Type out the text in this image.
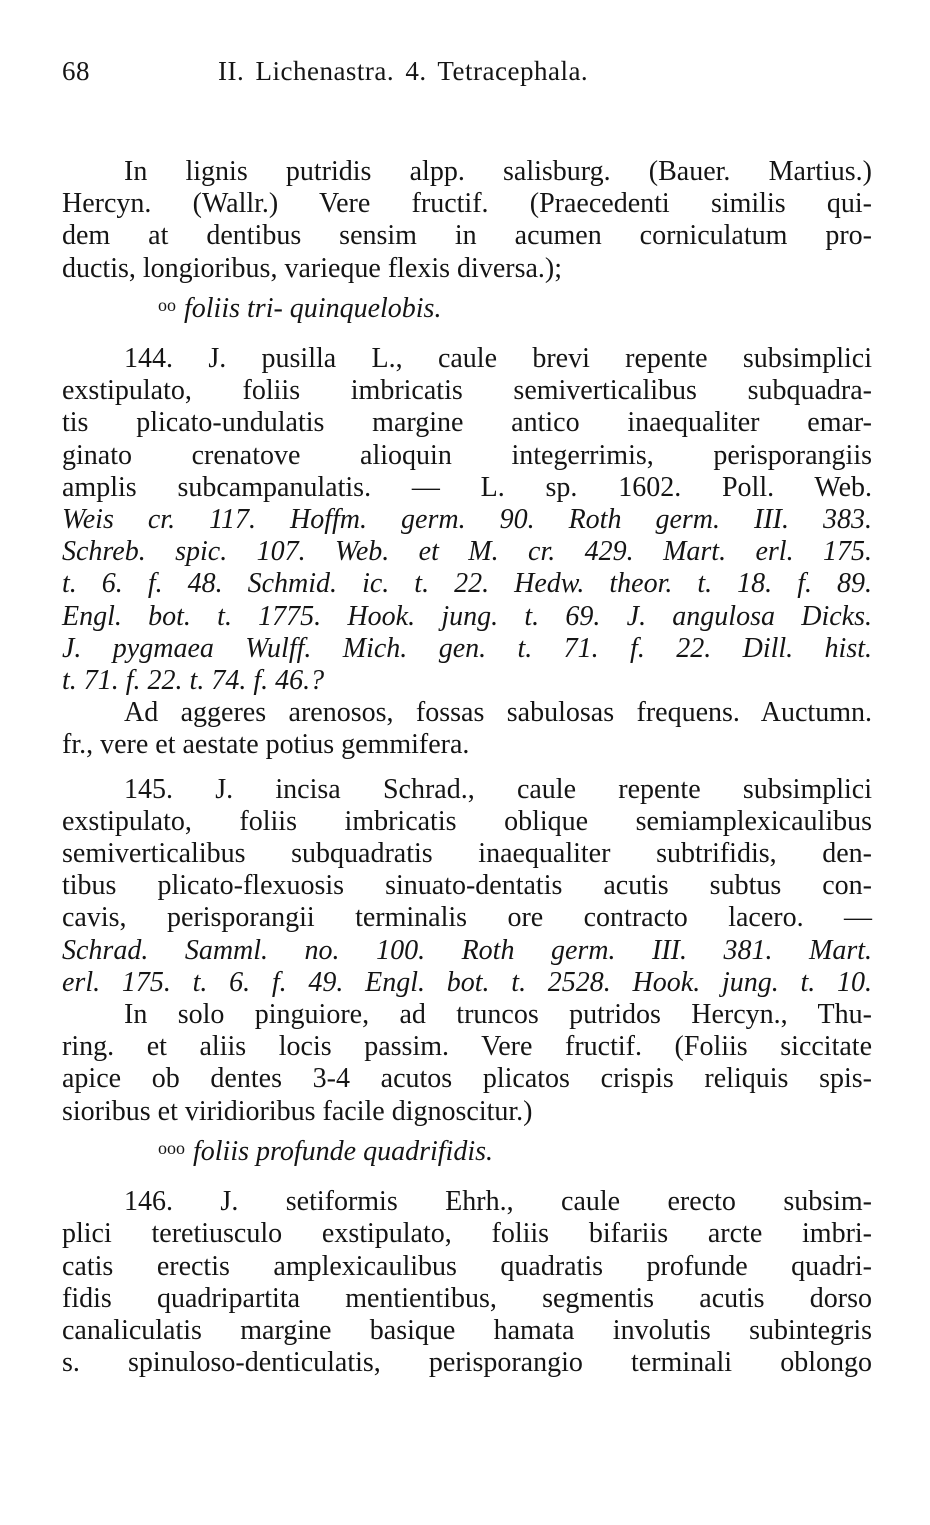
68	II. Lichenastra. 4. Tetracephala.

In lignis putridis alpp. salisburg. (Bauer. Martius.)
Hercyn. (Wallr.) Vere fructif. (Praecedenti similis qui-
dem at dentibus sensim in acumen corniculatum pro-
ductis, longioribus, varieque flexis diversa.);

$^{oo}$ foliis tri- quinquelobis.

144. J. pusilla L., caule brevi repente subsimplici
exstipulato, foliis imbricatis semiverticalibus subquadra-
tis plicato-undulatis margine antico inaequaliter emar-
ginato crenatove alioquin integerrimis, perisporangiis
amplis subcampanulatis. — L. sp. 1602. Poll. Web.
Weis cr. 117. Hoffm. germ. 90. Roth germ. III. 383.
Schreb. spic. 107. Web. et M. cr. 429. Mart. erl. 175.
t. 6. f. 48. Schmid. ic. t. 22. Hedw. theor. t. 18. f. 89.
Engl. bot. t. 1775. Hook. jung. t. 69. J. angulosa Dicks.
J. pygmaea Wulff. Mich. gen. t. 71. f. 22. Dill. hist.
t. 71. f. 22. t. 74. f. 46.?

Ad aggeres arenosos, fossas sabulosas frequens. Auctumn.
fr., vere et aestate potius gemmifera.

145. J. incisa Schrad., caule repente subsimplici
exstipulato, foliis imbricatis oblique semiamplexicaulibus
semiverticalibus subquadratis inaequaliter subtrifidis, den-
tibus plicato-flexuosis sinuato-dentatis acutis subtus con-
cavis, perisporangii terminalis ore contracto lacero. —
Schrad. Samml. no. 100. Roth germ. III. 381. Mart.
erl. 175. t. 6. f. 49. Engl. bot. t. 2528. Hook. jung. t. 10.

In solo pinguiore, ad truncos putridos Hercyn., Thu-
ring. et aliis locis passim. Vere fructif. (Foliis siccitate
apice ob dentes 3-4 acutos plicatos crispis reliquis spis-
sioribus et viridioribus facile dignoscitur.)

$^{ooo}$ foliis profunde quadrifidis.

146. J. setiformis Ehrh., caule erecto subsim-
plici teretiusculo exstipulato, foliis bifariis arcte imbri-
catis erectis amplexicaulibus quadratis profunde quadri-
fidis quadripartita mentientibus, segmentis acutis dorso
canaliculatis margine basique hamata involutis subintegris
s. spinuloso-denticulatis, perisporangio terminali oblongo
